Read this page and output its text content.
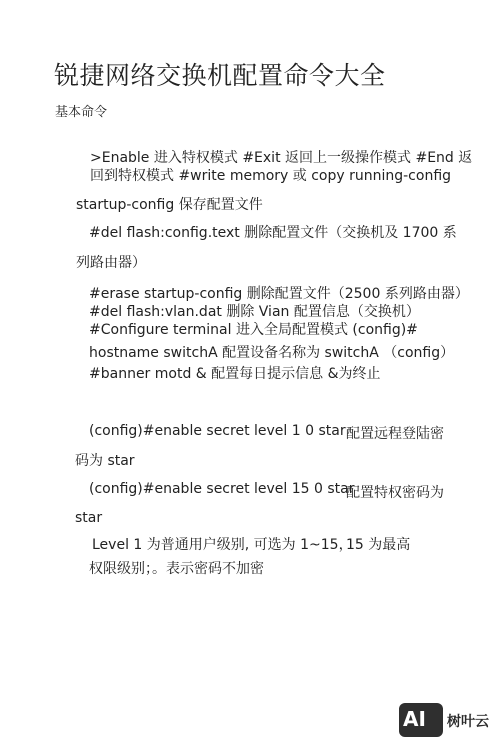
锐捷网络交换机配置命令大全
基本命令
>Enable 进入特权模式 #Exit 返回上一级操作模式 #End 返
回到特权模式 #write memory 或 copy running-config
startup-config 保存配置文件
#del flash:config.text 删除配置文件（交换机及 1700 系
列路由器）
#erase startup-config 删除配置文件（2500 系列路由器）
#del flash:vlan.dat 删除 Vian 配置信息（交换机）
#Configure terminal 进入全局配置模式 (config)#
hostname switchA 配置设备名称为 switchA （config）
#banner motd & 配置每日提示信息 &为终止
(config)#enable secret level 1 0 star 配置远程登陆密
码为 star
(config)#enable secret level 15 0 star
配置特权密码为
star
Level 1 为普通用户级别, 可选为 1~15，
15 为最高
权限级别；。表示密码不加密
AI 树叶云
